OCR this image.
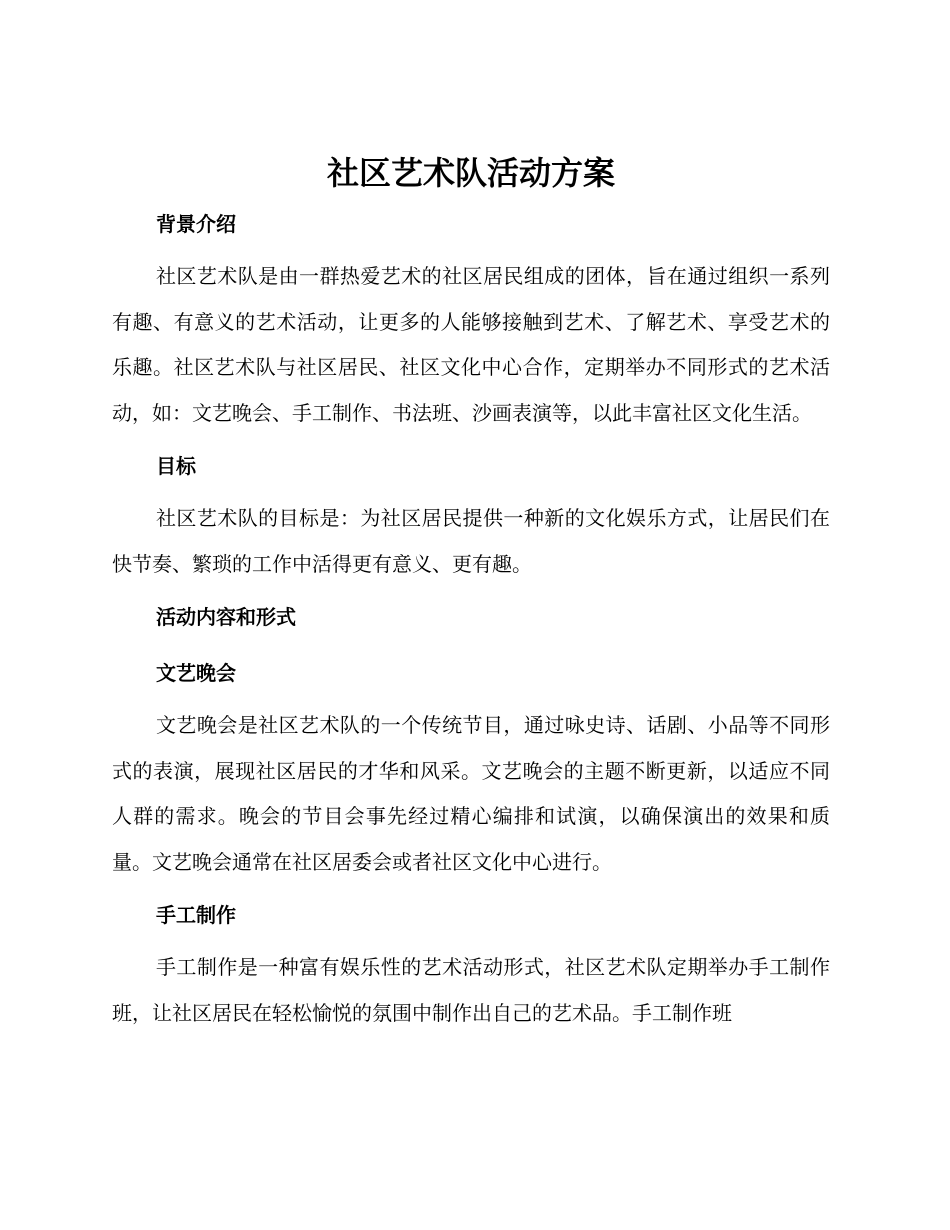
社区艺术队活动方案
背景介绍

社区艺术队是由一群热爱艺术的社区居民组成的团体，旨在通过组织一系列有趣、有意义的艺术活动，让更多的人能够接触到艺术、了解艺术、享受艺术的乐趣。社区艺术队与社区居民、社区文化中心合作，定期举办不同形式的艺术活动，如：文艺晚会、手工制作、书法班、沙画表演等，以此丰富社区文化生活。

目标

社区艺术队的目标是：为社区居民提供一种新的文化娱乐方式，让居民们在快节奏、繁琐的工作中活得更有意义、更有趣。

活动内容和形式
文艺晚会

文艺晚会是社区艺术队的一个传统节目，通过咏史诗、话剧、小品等不同形式的表演，展现社区居民的才华和风采。文艺晚会的主题不断更新，以适应不同人群的需求。晚会的节目会事先经过精心编排和试演，以确保演出的效果和质量。文艺晚会通常在社区居委会或者社区文化中心进行。

手工制作

手工制作是一种富有娱乐性的艺术活动形式，社区艺术队定期举办手工制作班，让社区居民在轻松愉悦的氛围中制作出自己的艺术品。手工制作班
